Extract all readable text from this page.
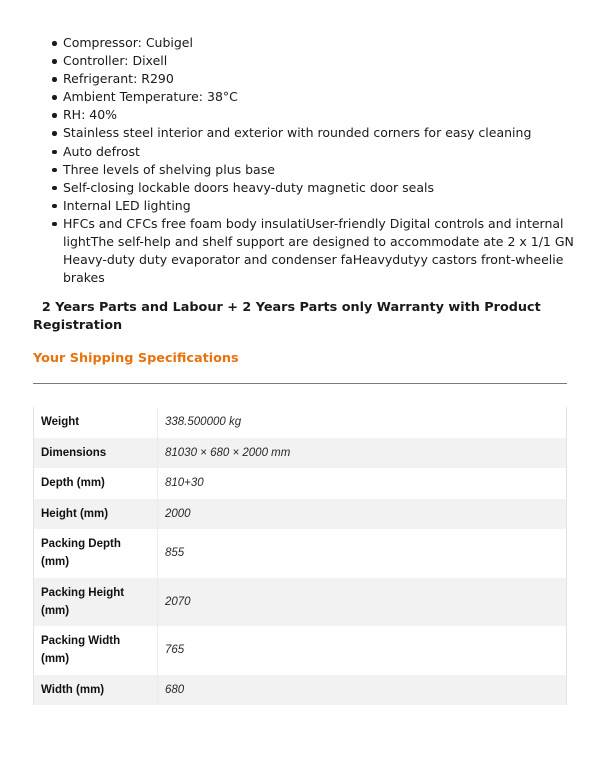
Compressor: Cubigel
Controller: Dixell
Refrigerant: R290
Ambient Temperature: 38°C
RH: 40%
Stainless steel interior and exterior with rounded corners for easy cleaning
Auto defrost
Three levels of shelving plus base
Self-closing lockable doors heavy-duty magnetic door seals
Internal LED lighting
HFCs and CFCs free foam body insulatiUser-friendly Digital controls and internal lightThe self-help and shelf support are designed to accommodate ate 2 x 1/1 GN Heavy-duty duty evaporator and condenser faHeavydutyy castors front-wheelie brakes

2 Years Parts and Labour + 2 Years Parts only Warranty with Product Registration

Your Shipping Specifications
Weight	338.500000 kg
Dimensions	81030 × 680 × 2000 mm
Depth (mm)	810+30
Height (mm)	2000
Packing Depth (mm)	855
Packing Height (mm)	2070
Packing Width (mm)	765
Width (mm)	680
